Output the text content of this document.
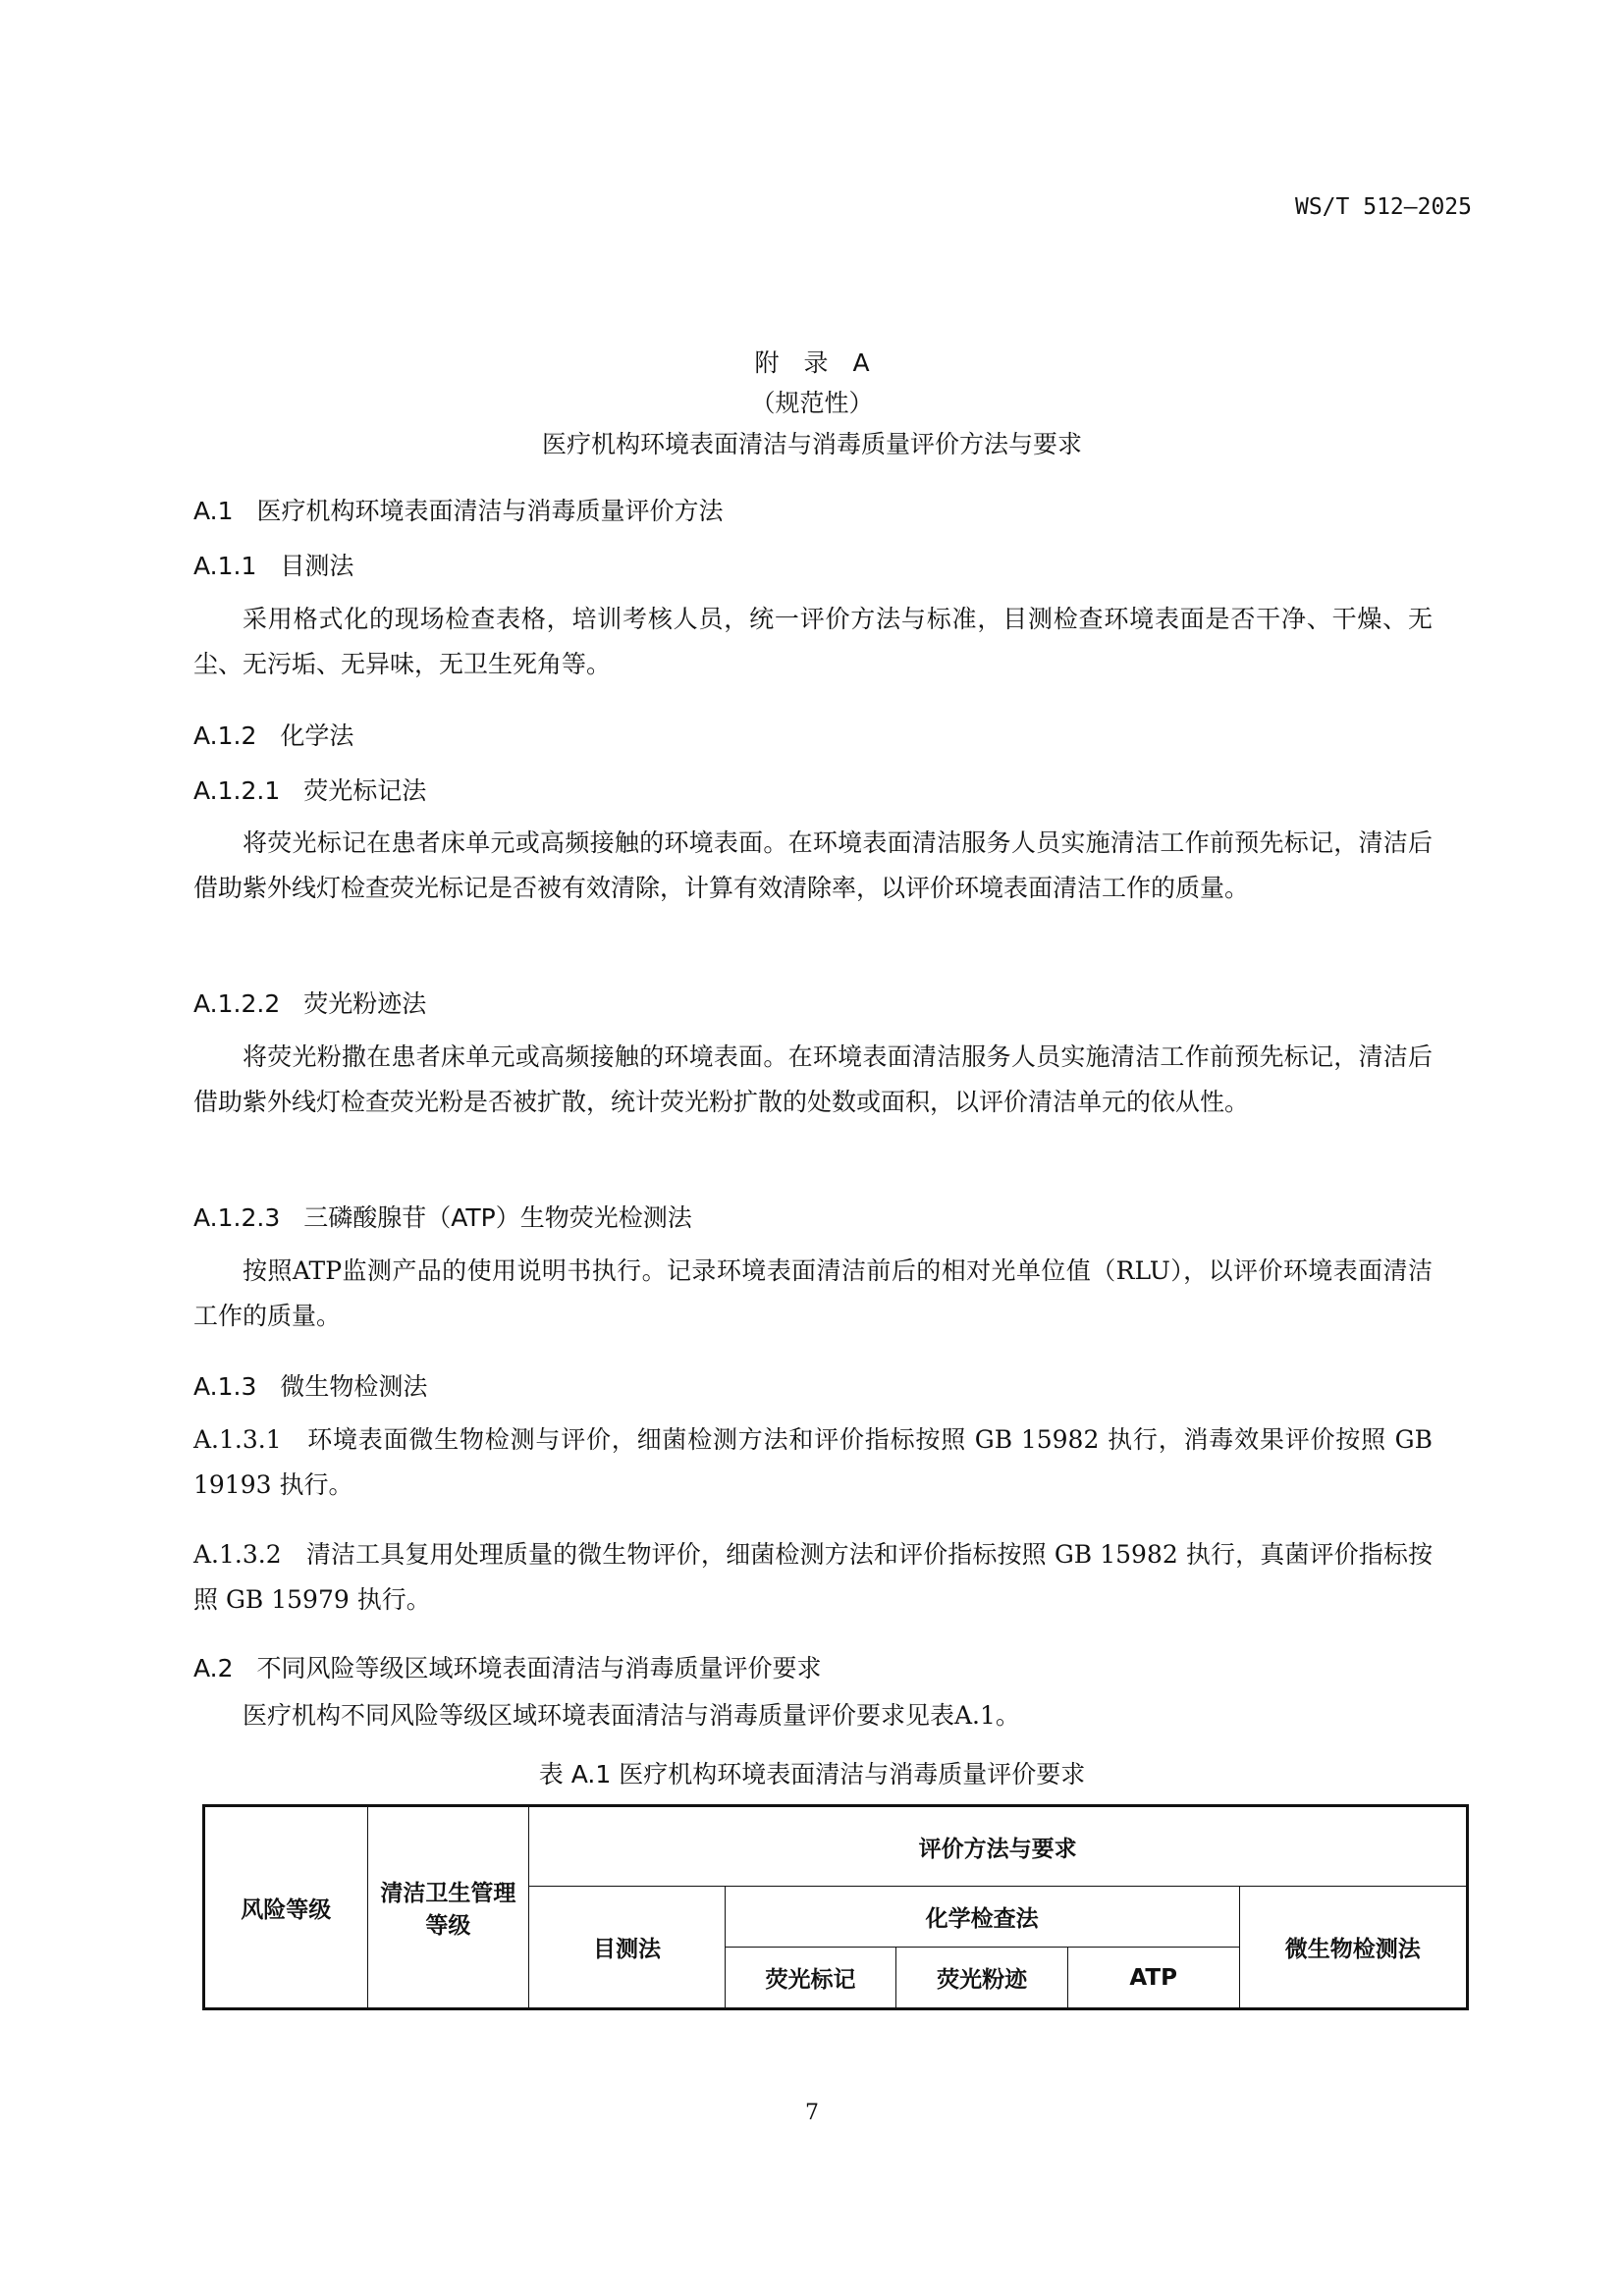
WS/T 512—2025
附　录　A
（规范性）
医疗机构环境表面清洁与消毒质量评价方法与要求
A.1 医疗机构环境表面清洁与消毒质量评价方法
A.1.1 目测法
采用格式化的现场检查表格，培训考核人员，统一评价方法与标准，目测检查环境表面是否干净、干燥、无尘、无污垢、无异味，无卫生死角等。
A.1.2 化学法
A.1.2.1 荧光标记法
将荧光标记在患者床单元或高频接触的环境表面。在环境表面清洁服务人员实施清洁工作前预先标记，清洁后借助紫外线灯检查荧光标记是否被有效清除，计算有效清除率，以评价环境表面清洁工作的质量。
A.1.2.2 荧光粉迹法
将荧光粉撒在患者床单元或高频接触的环境表面。在环境表面清洁服务人员实施清洁工作前预先标记，清洁后借助紫外线灯检查荧光粉是否被扩散，统计荧光粉扩散的处数或面积，以评价清洁单元的依从性。
A.1.2.3 三磷酸腺苷（ATP）生物荧光检测法
按照ATP监测产品的使用说明书执行。记录环境表面清洁前后的相对光单位值（RLU），以评价环境表面清洁工作的质量。
A.1.3 微生物检测法
A.1.3.1　环境表面微生物检测与评价，细菌检测方法和评价指标按照 GB 15982 执行，消毒效果评价按照 GB 19193 执行。
A.1.3.2　清洁工具复用处理质量的微生物评价，细菌检测方法和评价指标按照 GB 15982 执行，真菌评价指标按照 GB 15979 执行。
A.2 不同风险等级区域环境表面清洁与消毒质量评价要求
医疗机构不同风险等级区域环境表面清洁与消毒质量评价要求见表A.1。
表 A.1 医疗机构环境表面清洁与消毒质量评价要求
风险等级	清洁卫生管理等级	评价方法与要求				
		目测法	化学检查法			微生物检测法
			荧光标记	荧光粉迹	ATP	
7
